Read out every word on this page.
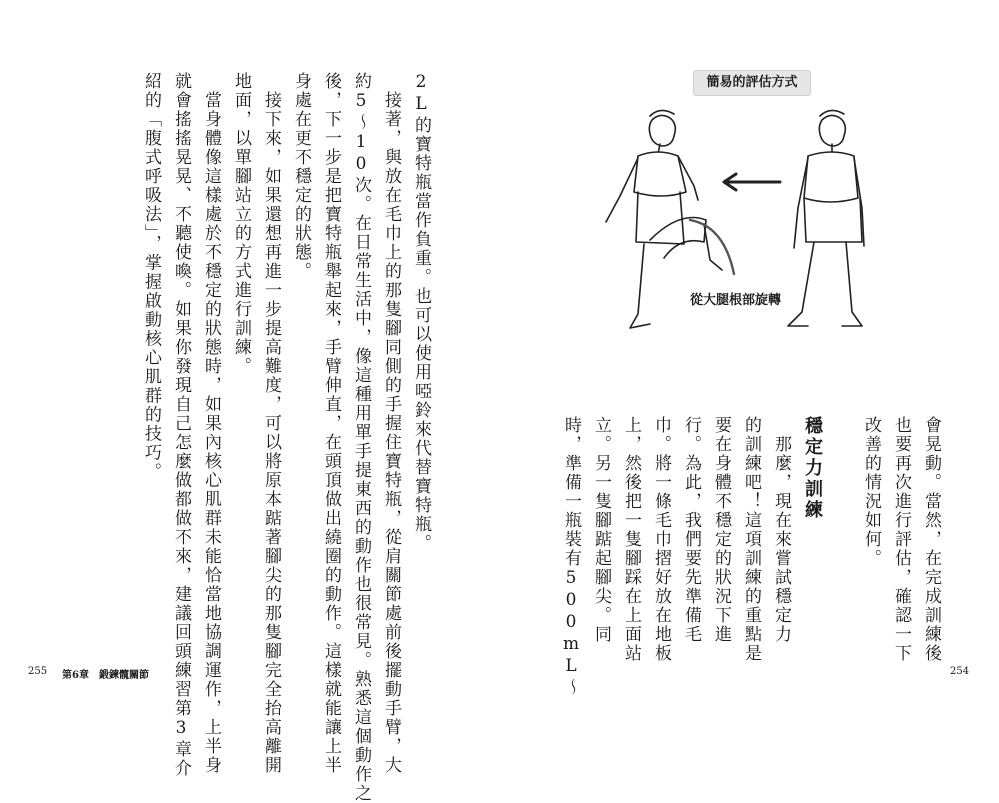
2L的寶特瓶當作負重。也可以使用啞鈴來代替寶特瓶。
　接著，與放在毛巾上的那隻腳同側的手握住寶特瓶，從肩關節處前後擺動手臂，大
約5～10次。在日常生活中，像這種用單手提東西的動作也很常見。熟悉這個動作之
後，下一步是把寶特瓶舉起來，手臂伸直，在頭頂做出繞圈的動作。這樣就能讓上半
身處在更不穩定的狀態。
　接下來，如果還想再進一步提高難度，可以將原本踮著腳尖的那隻腳完全抬高離開
地面，以單腳站立的方式進行訓練。
　當身體像這樣處於不穩定的狀態時，如果內核心肌群未能恰當地協調運作，上半身
就會搖搖晃晃、不聽使喚。如果你發現自己怎麼做都做不來，建議回頭練習第3章介
紹的「腹式呼吸法」，掌握啟動核心肌群的技巧。	簡易的評估方式
從大腿根部旋轉
會晃動。當然，在完成訓練後
也要再次進行評估，確認一下
改善的情況如何。
穩定力訓練
　那麼，現在來嘗試穩定力
的訓練吧！這項訓練的重點是
要在身體不穩定的狀況下進
行。為此，我們要先準備毛
巾。將一條毛巾摺好放在地板
上，然後把一隻腳踩在上面站
立。另一隻腳踮起腳尖。同
時，準備一瓶裝有500mL～
255 第6章　鍛鍊髖關節	254
